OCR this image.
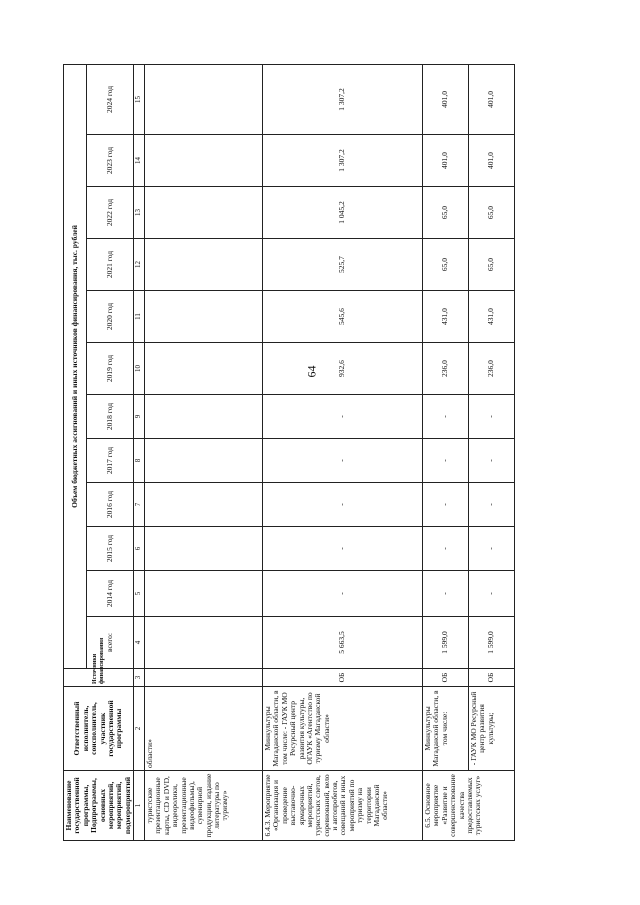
64
Наименование государственной программы, Подпрограммы, основных мероприятий, мероприятий, подмероприятий	Ответственный исполнитель, соисполнитель, участник государственной программы	Источники финансирования	Объем бюджетных ассигнований и иных источников финансирования, тыс. рублей											
			всего:	2014 год	2015 год	2016 год	2017 год	2018 год	2019 год	2020 год	2021 год	2022 год	2023 год	2024 год
1	2	3	4	5	6	7	8	9	10	11	12	13	14	15
туристские презентационные карты, CD и DVD, видеоролики, презентационные видеофильмы), сувенирной продукции, издание литературы по туризму»	области»													
6.4.3. Мероприятие «Организация и проведение выставочно-ярмарочных мероприятий, туристских слетов, соревнований, вело и автопробегов, совещаний и иных мероприятий по туризму на территории Магаданской области»	Минкультуры Магаданской области, в том числе: - ГАУК МО Ресурсный центр развития культуры, ОГАУК «Агентство по туризму Магаданской области»	ОБ	5 663,5	-	-	-	-	-	932,6	545,6	525,7	1 045,2	1 307,2	1 307,2
6.5. Основное мероприятие «Развитие и совершенствование качества предоставляемых туристских услуг»	Минкультуры Магаданской области, в том числе:	ОБ	1 599,0	-	-	-	-	-	236,0	431,0	65,0	65,0	401,0	401,0
	- ГАУК МО Ресурсный центр развития культуры;	ОБ	1 599,0	-	-	-	-	-	236,0	431,0	65,0	65,0	401,0	401,0
